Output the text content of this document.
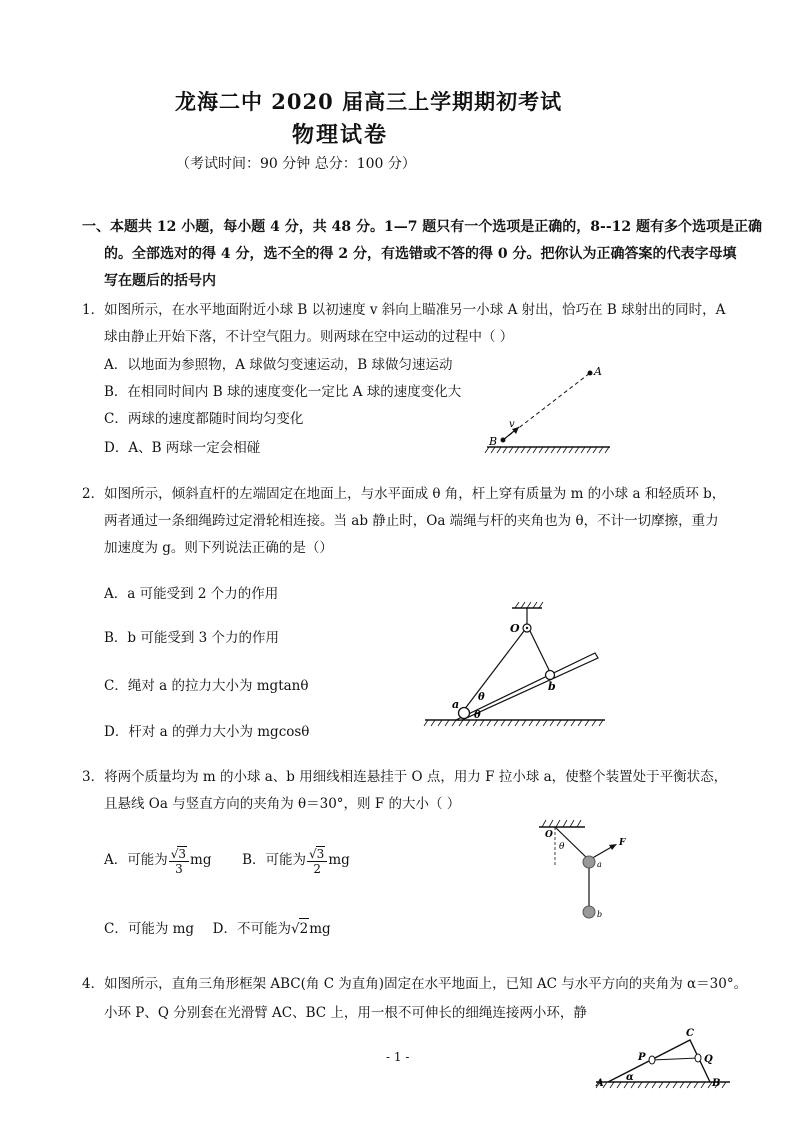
龙海二中 2020 届高三上学期期初考试
物理试卷
（考试时间：90 分钟 总分：100 分）
一、本题共 12 小题，每小题 4 分，共 48 分。1—7 题只有一个选项是正确的，8--12 题有多个选项是正确
的。全部选对的得 4 分，选不全的得 2 分，有选错或不答的得 0 分。把你认为正确答案的代表字母填
写在题后的括号内
1．如图所示，在水平地面附近小球 B 以初速度 v 斜向上瞄准另一小球 A 射出，恰巧在 B 球射出的同时，A
球由静止开始下落，不计空气阻力。则两球在空中运动的过程中（ ）
A．以地面为参照物，A 球做匀变速运动，B 球做匀速运动
B．在相同时间内 B 球的速度变化一定比 A 球的速度变化大
C．两球的速度都随时间均匀变化
D．A、B 两球一定会相碰
A
B
v
2．如图所示，倾斜直杆的左端固定在地面上，与水平面成 θ 角，杆上穿有质量为 m 的小球 a 和轻质环 b，
两者通过一条细绳跨过定滑轮相连接。当 ab 静止时，Oa 端绳与杆的夹角也为 θ，不计一切摩擦，重力
加速度为 g。则下列说法正确的是（）
A．a 可能受到 2 个力的作用
B．b 可能受到 3 个力的作用
C．绳对 a 的拉力大小为 mgtanθ
D．杆对 a 的弹力大小为 mgcosθ
O
a
b
θ
θ
3．将两个质量均为 m 的小球 a、b 用细线相连悬挂于 O 点，用力 F 拉小球 a，使整个装置处于平衡状态，
且悬线 Oa 与竖直方向的夹角为 θ＝30°，则 F 的大小（ ）
A．可能为 $\frac{√3}{3}$ mg B．可能为 $\frac{√3}{2}$ mg
C．可能为 mg D．不可能为√2mg
O
θ	F
a
b
4．如图所示，直角三角形框架 ABC(角 C 为直角)固定在水平地面上，已知 AC 与水平方向的夹角为 α＝30°。
小环 P、Q 分别套在光滑臂 AC、BC 上，用一根不可伸长的细绳连接两小环，静
A	B
C
P	Q
α
- 1 -
